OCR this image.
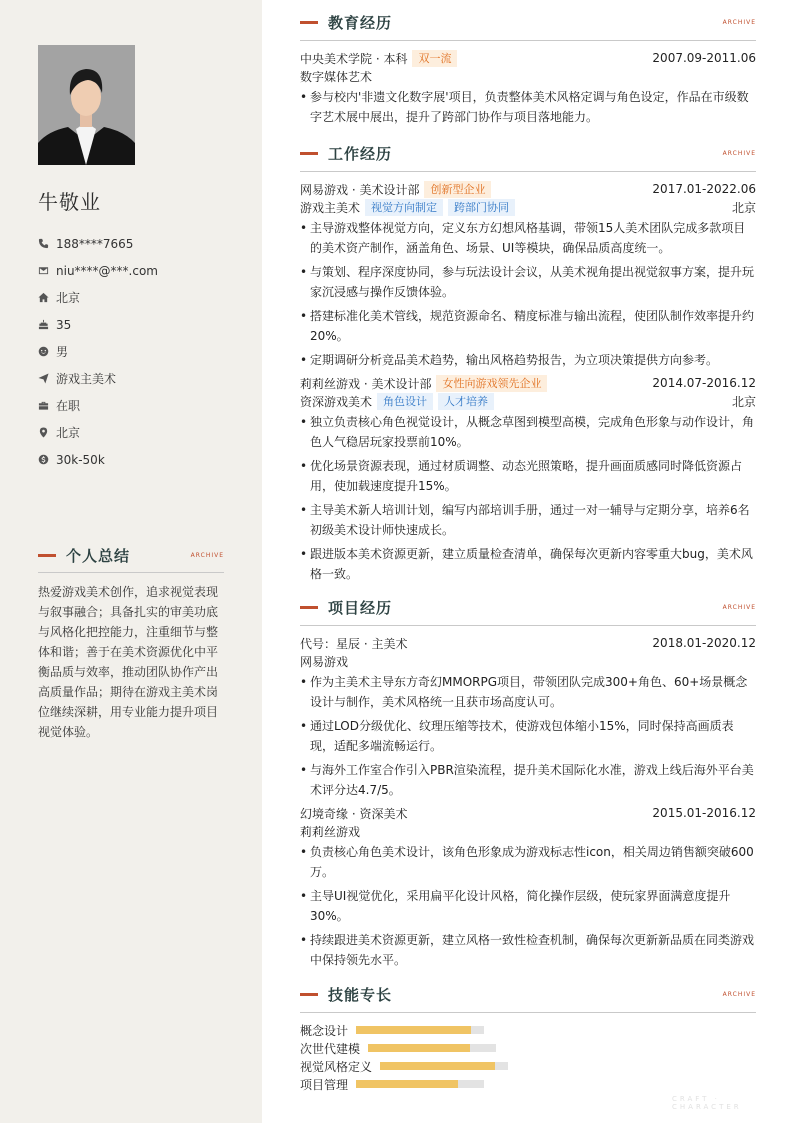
牛敬业
188****7665
niu****@***.com
北京
35
男
游戏主美术
在职
北京
30k-50k
个人总结	ARCHIVE
热爱游戏美术创作，追求视觉表现与叙事融合；具备扎实的审美功底与风格化把控能力，注重细节与整体和谐；善于在美术资源优化中平衡品质与效率，推动团队协作产出高质量作品；期待在游戏主美术岗位继续深耕，用专业能力提升项目视觉体验。
教育经历	ARCHIVE
中央美术学院 · 本科	双一流	2007.09-2011.06
数字媒体艺术
• 参与校内'非遗文化数字展'项目，负责整体美术风格定调与角色设定，作品在市级数字艺术展中展出，提升了跨部门协作与项目落地能力。
工作经历	ARCHIVE
网易游戏 · 美术设计部	创新型企业	2017.01-2022.06
游戏主美术	视觉方向制定	跨部门协同	北京
• 主导游戏整体视觉方向，定义东方幻想风格基调，带领15人美术团队完成多款项目的美术资产制作，涵盖角色、场景、UI等模块，确保品质高度统一。
• 与策划、程序深度协同，参与玩法设计会议，从美术视角提出视觉叙事方案，提升玩家沉浸感与操作反馈体验。
• 搭建标准化美术管线，规范资源命名、精度标准与输出流程，使团队制作效率提升约20%。
• 定期调研分析竞品美术趋势，输出风格趋势报告，为立项决策提供方向参考。
莉莉丝游戏 · 美术设计部	女性向游戏领先企业	2014.07-2016.12
资深游戏美术	角色设计	人才培养	北京
• 独立负责核心角色视觉设计，从概念草图到模型高模，完成角色形象与动作设计，角色人气稳居玩家投票前10%。
• 优化场景资源表现，通过材质调整、动态光照策略，提升画面质感同时降低资源占用，使加载速度提升15%。
• 主导美术新人培训计划，编写内部培训手册，通过一对一辅导与定期分享，培养6名初级美术设计师快速成长。
• 跟进版本美术资源更新，建立质量检查清单，确保每次更新内容零重大bug，美术风格一致。
项目经历	ARCHIVE
代号：星辰 · 主美术	2018.01-2020.12
网易游戏
• 作为主美术主导东方奇幻MMORPG项目，带领团队完成300+角色、60+场景概念设计与制作，美术风格统一且获市场高度认可。
• 通过LOD分级优化、纹理压缩等技术，使游戏包体缩小15%，同时保持高画质表现，适配多端流畅运行。
• 与海外工作室合作引入PBR渲染流程，提升美术国际化水准，游戏上线后海外平台美术评分达4.7/5。
幻境奇缘 · 资深美术	2015.01-2016.12
莉莉丝游戏
• 负责核心角色美术设计，该角色形象成为游戏标志性icon，相关周边销售额突破600万。
• 主导UI视觉优化，采用扁平化设计风格，简化操作层级，使玩家界面满意度提升30%。
• 持续跟进美术资源更新，建立风格一致性检查机制，确保每次更新新品质在同类游戏中保持领先水平。
技能专长	ARCHIVE
概念设计
次世代建模
视觉风格定义
项目管理
CRAFT · CHARACTER
